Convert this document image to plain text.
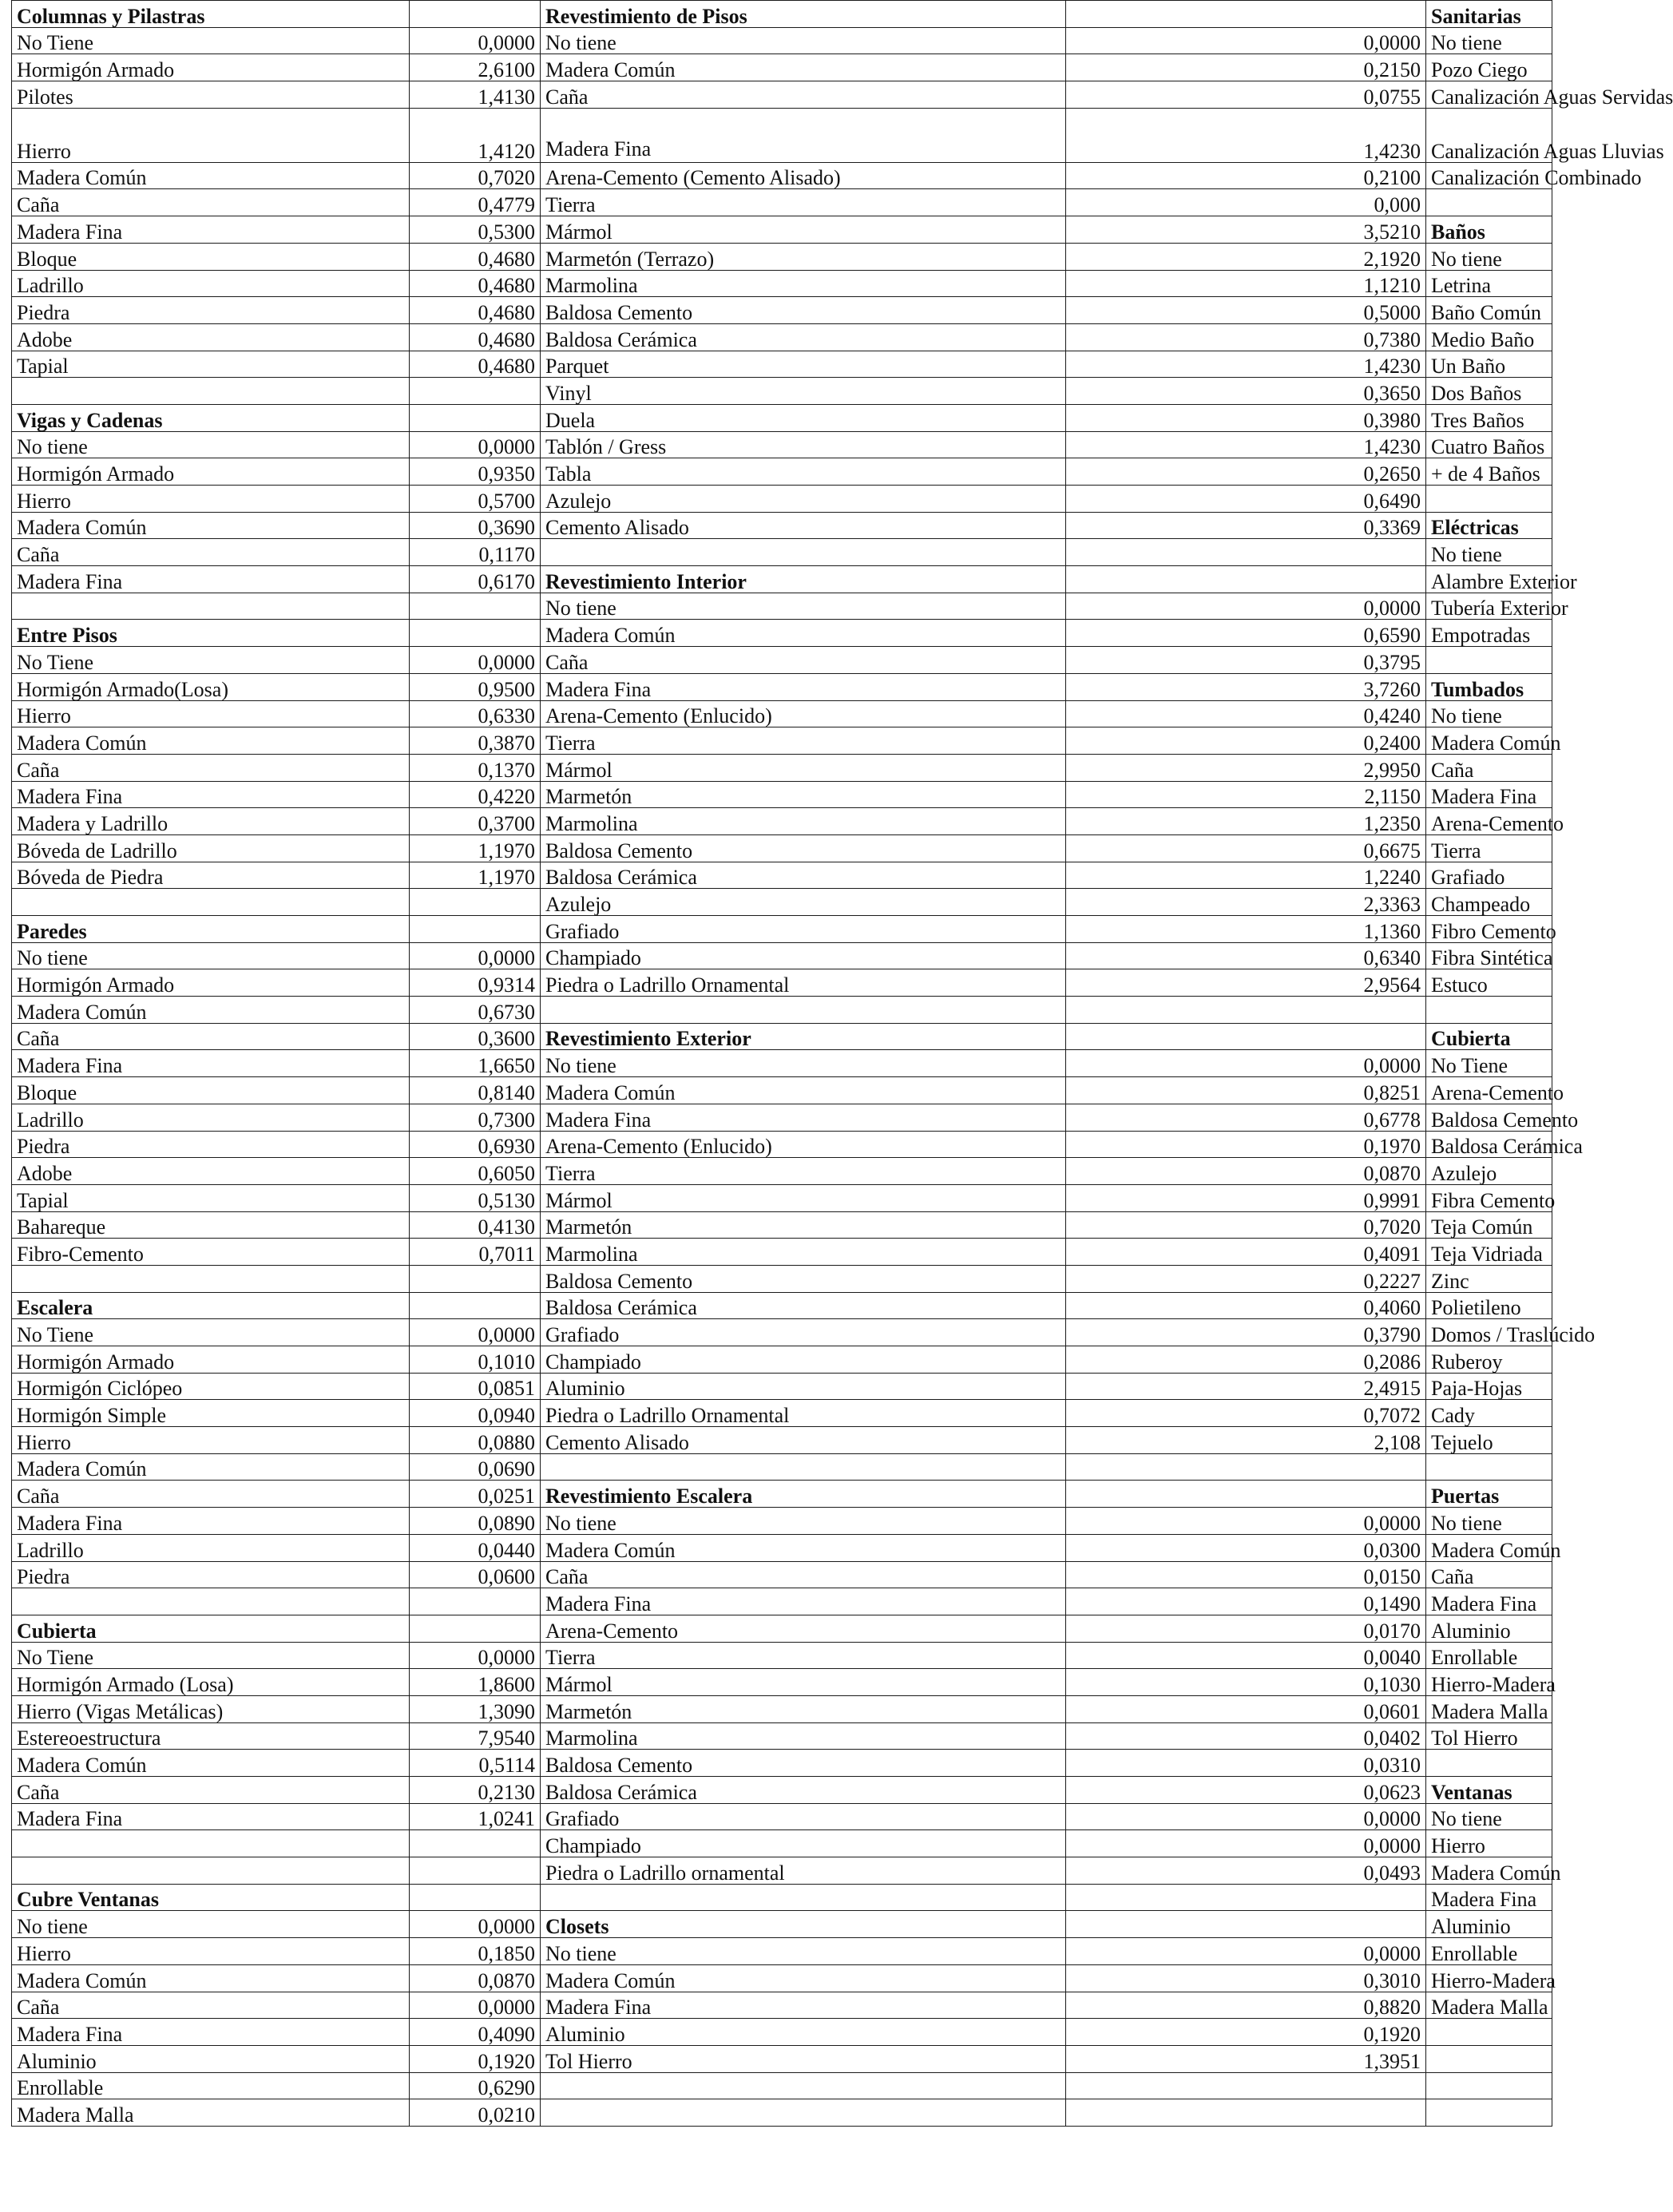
Columnas y Pilastras		Revestimiento de Pisos		Sanitarias	
No Tiene	0,0000	No tiene	0,0000	No tiene	
Hormigón Armado	2,6100	Madera Común	0,2150	Pozo Ciego	
Pilotes	1,4130	Caña	0,0755	Canalización Aguas Servidas	
Hierro	1,4120	Madera Fina	1,4230	Canalización Aguas Lluvias	
Madera Común	0,7020	Arena-Cemento (Cemento Alisado)	0,2100	Canalización Combinado	
Caña	0,4779	Tierra	0,000		
Madera Fina	0,5300	Mármol	3,5210	Baños	
Bloque	0,4680	Marmetón (Terrazo)	2,1920	No tiene	
Ladrillo	0,4680	Marmolina	1,1210	Letrina	
Piedra	0,4680	Baldosa Cemento	0,5000	Baño Común	
Adobe	0,4680	Baldosa Cerámica	0,7380	Medio Baño	
Tapial	0,4680	Parquet	1,4230	Un Baño	
		Vinyl	0,3650	Dos Baños	
Vigas y Cadenas		Duela	0,3980	Tres Baños	
No tiene	0,0000	Tablón / Gress	1,4230	Cuatro Baños	
Hormigón Armado	0,9350	Tabla	0,2650	+ de 4 Baños	
Hierro	0,5700	Azulejo	0,6490		
Madera Común	0,3690	Cemento Alisado	0,3369	Eléctricas	
Caña	0,1170			No tiene	
Madera Fina	0,6170	Revestimiento Interior		Alambre Exterior	
		No tiene	0,0000	Tubería Exterior	
Entre Pisos		Madera Común	0,6590	Empotradas	
No Tiene	0,0000	Caña	0,3795		
Hormigón Armado(Losa)	0,9500	Madera Fina	3,7260	Tumbados	
Hierro	0,6330	Arena-Cemento (Enlucido)	0,4240	No tiene	
Madera Común	0,3870	Tierra	0,2400	Madera Común	
Caña	0,1370	Mármol	2,9950	Caña	
Madera Fina	0,4220	Marmetón	2,1150	Madera Fina	
Madera y Ladrillo	0,3700	Marmolina	1,2350	Arena-Cemento	
Bóveda de Ladrillo	1,1970	Baldosa Cemento	0,6675	Tierra	
Bóveda de Piedra	1,1970	Baldosa Cerámica	1,2240	Grafiado	
		Azulejo	2,3363	Champeado	
Paredes		Grafiado	1,1360	Fibro Cemento	
No tiene	0,0000	Champiado	0,6340	Fibra Sintética	
Hormigón Armado	0,9314	Piedra o Ladrillo Ornamental	2,9564	Estuco	
Madera Común	0,6730				
Caña	0,3600	Revestimiento Exterior		Cubierta	
Madera Fina	1,6650	No tiene	0,0000	No Tiene	
Bloque	0,8140	Madera Común	0,8251	Arena-Cemento	
Ladrillo	0,7300	Madera Fina	0,6778	Baldosa Cemento	
Piedra	0,6930	Arena-Cemento (Enlucido)	0,1970	Baldosa Cerámica	
Adobe	0,6050	Tierra	0,0870	Azulejo	
Tapial	0,5130	Mármol	0,9991	Fibra Cemento	
Bahareque	0,4130	Marmetón	0,7020	Teja Común	
Fibro-Cemento	0,7011	Marmolina	0,4091	Teja Vidriada	
		Baldosa Cemento	0,2227	Zinc	
Escalera		Baldosa Cerámica	0,4060	Polietileno	
No Tiene	0,0000	Grafiado	0,3790	Domos / Traslúcido	
Hormigón Armado	0,1010	Champiado	0,2086	Ruberoy	
Hormigón Ciclópeo	0,0851	Aluminio	2,4915	Paja-Hojas	
Hormigón Simple	0,0940	Piedra o Ladrillo Ornamental	0,7072	Cady	
Hierro	0,0880	Cemento Alisado	2,108	Tejuelo	
Madera Común	0,0690				
Caña	0,0251	Revestimiento Escalera		Puertas	
Madera Fina	0,0890	No tiene	0,0000	No tiene	
Ladrillo	0,0440	Madera Común	0,0300	Madera Común	
Piedra	0,0600	Caña	0,0150	Caña	
		Madera Fina	0,1490	Madera Fina	
Cubierta		Arena-Cemento	0,0170	Aluminio	
No Tiene	0,0000	Tierra	0,0040	Enrollable	
Hormigón Armado (Losa)	1,8600	Mármol	0,1030	Hierro-Madera	
Hierro (Vigas Metálicas)	1,3090	Marmetón	0,0601	Madera Malla	
Estereoestructura	7,9540	Marmolina	0,0402	Tol Hierro	
Madera Común	0,5114	Baldosa Cemento	0,0310		
Caña	0,2130	Baldosa Cerámica	0,0623	Ventanas	
Madera Fina	1,0241	Grafiado	0,0000	No tiene	
		Champiado	0,0000	Hierro	
		Piedra o Ladrillo ornamental	0,0493	Madera Común	
Cubre Ventanas				Madera Fina	
No tiene	0,0000	Closets		Aluminio	
Hierro	0,1850	No tiene	0,0000	Enrollable	
Madera Común	0,0870	Madera Común	0,3010	Hierro-Madera	
Caña	0,0000	Madera Fina	0,8820	Madera Malla	
Madera Fina	0,4090	Aluminio	0,1920		
Aluminio	0,1920	Tol Hierro	1,3951		
Enrollable	0,6290				
Madera Malla	0,0210				
